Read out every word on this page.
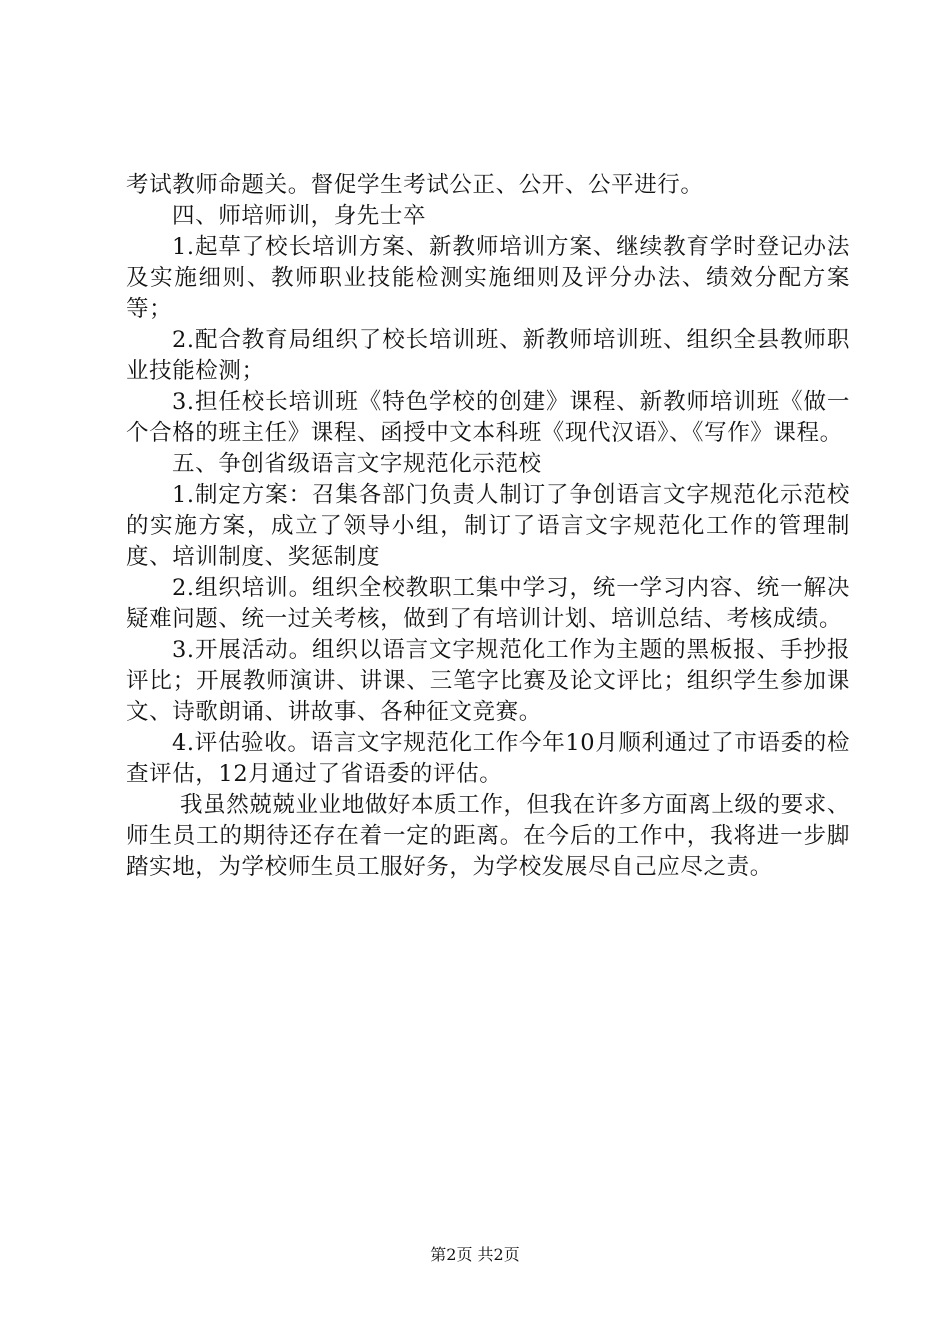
考试教师命题关。督促学生考试公正、公开、公平进行。

四、师培师训，身先士卒

1.起草了校长培训方案、新教师培训方案、继续教育学时登记办法及实施细则、教师职业技能检测实施细则及评分办法、绩效分配方案等；

2.配合教育局组织了校长培训班、新教师培训班、组织全县教师职业技能检测；

3.担任校长培训班《特色学校的创建》课程、新教师培训班《做一个合格的班主任》课程、函授中文本科班《现代汉语》、《写作》课程。

五、争创省级语言文字规范化示范校

1.制定方案：召集各部门负责人制订了争创语言文字规范化示范校的实施方案，成立了领导小组，制订了语言文字规范化工作的管理制度、培训制度、奖惩制度

2.组织培训。组织全校教职工集中学习，统一学习内容、统一解决疑难问题、统一过关考核，做到了有培训计划、培训总结、考核成绩。

3.开展活动。组织以语言文字规范化工作为主题的黑板报、手抄报评比；开展教师演讲、讲课、三笔字比赛及论文评比；组织学生参加课文、诗歌朗诵、讲故事、各种征文竞赛。

4.评估验收。语言文字规范化工作今年10月顺利通过了市语委的检查评估，12月通过了省语委的评估。

我虽然兢兢业业地做好本质工作，但我在许多方面离上级的要求、师生员工的期待还存在着一定的距离。在今后的工作中，我将进一步脚踏实地，为学校师生员工服好务，为学校发展尽自己应尽之责。

第2页 共2页
